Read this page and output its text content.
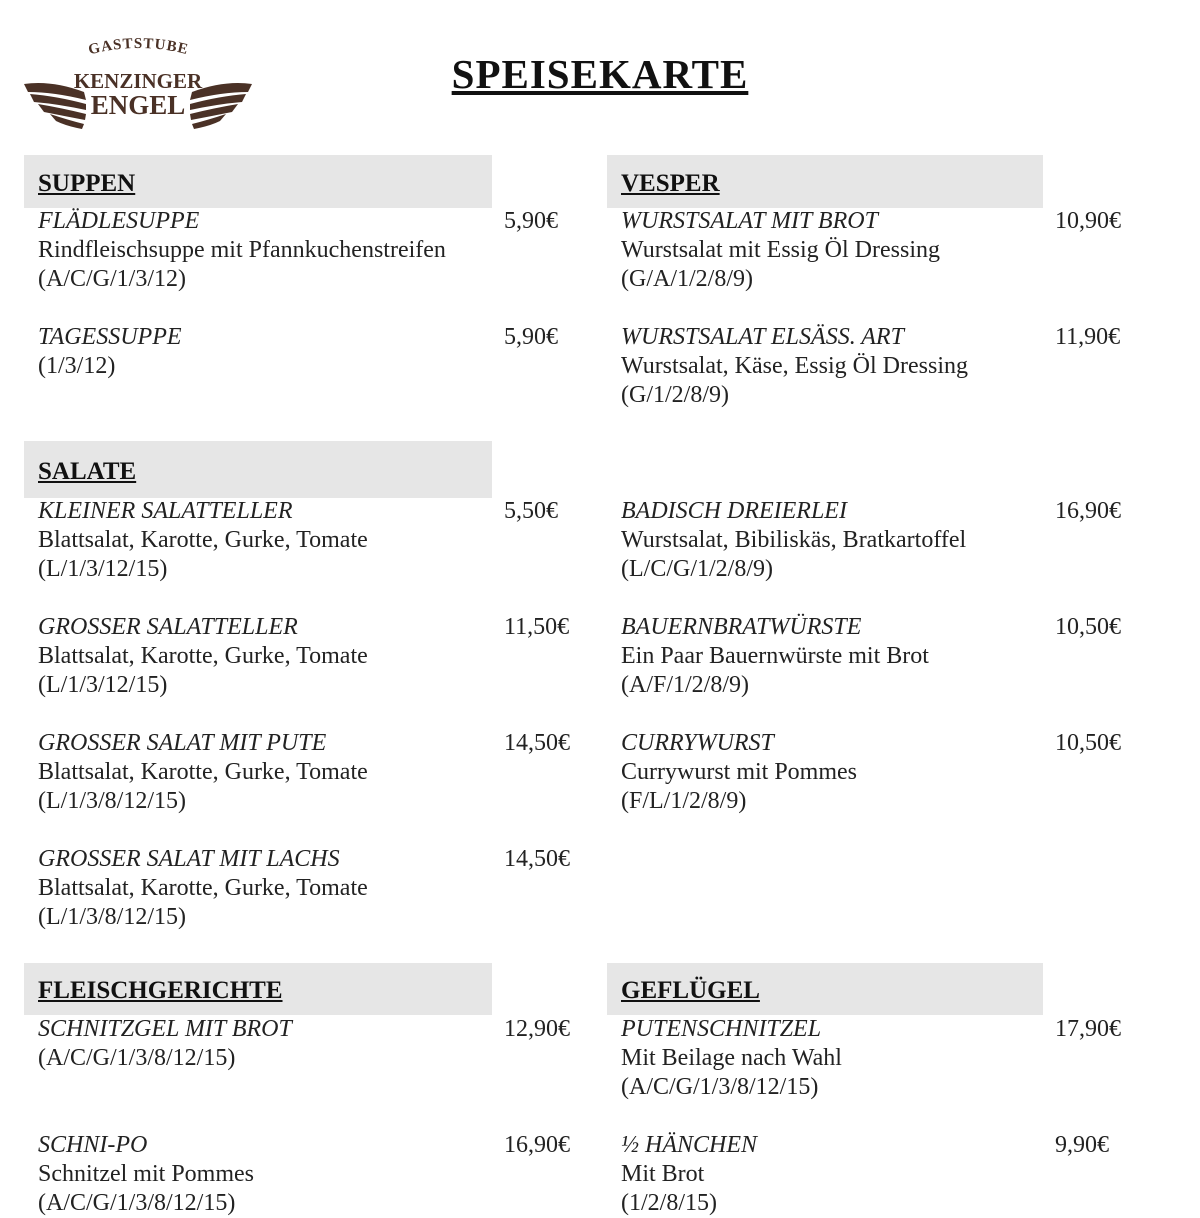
GASTSTUBE
KENZINGER
ENGEL
SPEISEKARTE
SUPPEN
FLÄDLESUPPE
Rindfleischsuppe mit Pfannkuchenstreifen
(A/C/G/1/3/12)
5,90€
TAGESSUPPE
(1/3/12)
5,90€
VESPER
WURSTSALAT MIT BROT
Wurstsalat mit Essig Öl Dressing
(G/A/1/2/8/9)
10,90€
WURSTSALAT ELSÄSS. ART
Wurstsalat, Käse, Essig Öl Dressing
(G/1/2/8/9)
11,90€
BADISCH DREIERLEI
Wurstsalat, Bibiliskäs, Bratkartoffel
(L/C/G/1/2/8/9)
16,90€
BAUERNBRATWÜRSTE
Ein Paar Bauernwürste mit Brot
(A/F/1/2/8/9)
10,50€
CURRYWURST
Currywurst mit Pommes
(F/L/1/2/8/9)
10,50€
SALATE
KLEINER SALATTELLER
Blattsalat, Karotte, Gurke, Tomate
(L/1/3/12/15)
5,50€
GROSSER SALATTELLER
Blattsalat, Karotte, Gurke, Tomate
(L/1/3/12/15)
11,50€
GROSSER SALAT MIT PUTE
Blattsalat, Karotte, Gurke, Tomate
(L/1/3/8/12/15)
14,50€
GROSSER SALAT MIT LACHS
Blattsalat, Karotte, Gurke, Tomate
(L/1/3/8/12/15)
14,50€
FLEISCHGERICHTE
SCHNITZGEL MIT BROT
(A/C/G/1/3/8/12/15)
12,90€
SCHNI-PO
Schnitzel mit Pommes
(A/C/G/1/3/8/12/15)
16,90€
GEFLÜGEL
PUTENSCHNITZEL
Mit Beilage nach Wahl
(A/C/G/1/3/8/12/15)
17,90€
½ HÄNCHEN
Mit Brot
(1/2/8/15)
9,90€
